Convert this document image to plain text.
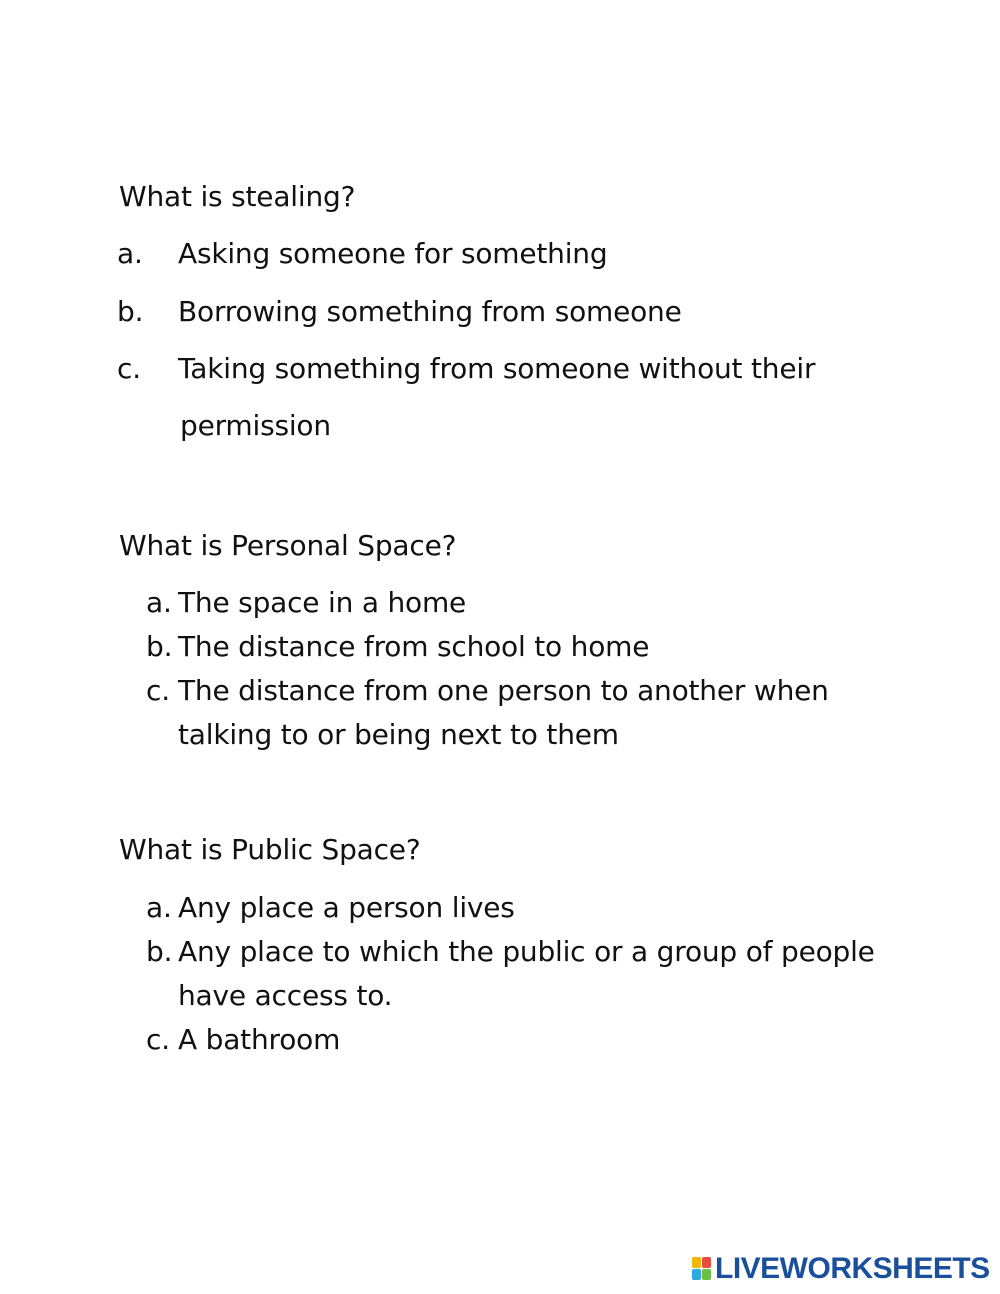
What is stealing?
a. Asking someone for something
b. Borrowing something from someone
c. Taking something from someone without their
permission
What is Personal Space?
a. The space in a home
b. The distance from school to home
c. The distance from one person to another when
talking to or being next to them
What is Public Space?
a. Any place a person lives
b. Any place to which the public or a group of people
have access to.
c. A bathroom
LIVEWORKSHEETS
